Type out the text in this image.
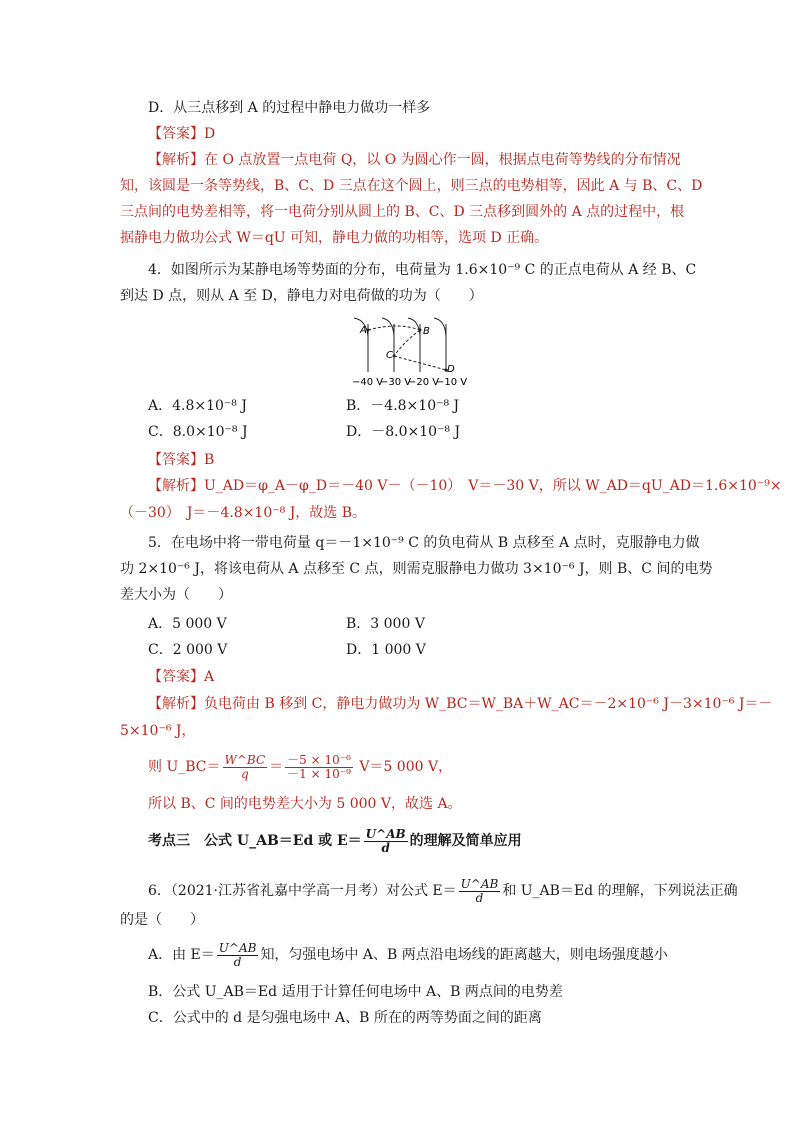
D．从三点移到 A 的过程中静电力做功一样多
【答案】D
【解析】在 O 点放置一点电荷 Q，以 O 为圆心作一圆，根据点电荷等势线的分布情况
知，该圆是一条等势线，B、C、D 三点在这个圆上，则三点的电势相等，因此 A 与 B、C、D
三点间的电势差相等，将一电荷分别从圆上的 B、C、D 三点移到圆外的 A 点的过程中，根
据静电力做功公式 W＝qU 可知，静电力做的功相等，选项 D 正确。
4．如图所示为某静电场等势面的分布，电荷量为 1.6×10⁻⁹ C 的正点电荷从 A 经 B、C
到达 D 点，则从 A 至 D，静电力对电荷做的功为（　　）
A	B
C
D
−40 V
−30 V
−20 V
−10 V
A．4.8×10⁻⁸ J	B．－4.8×10⁻⁸ J
C．8.0×10⁻⁸ J	D．－8.0×10⁻⁸ J
【答案】B
【解析】U_AD＝φ_A－φ_D＝－40 V－（－10）　V＝－30 V，所以 W_AD＝qU_AD＝1.6×10⁻⁹×
（－30）　J＝－4.8×10⁻⁸ J，故选 B。
5．在电场中将一带电荷量 q＝－1×10⁻⁹ C 的负电荷从 B 点移至 A 点时，克服静电力做
功 2×10⁻⁶ J，将该电荷从 A 点移至 C 点，则需克服静电力做功 3×10⁻⁶ J，则 B、C 间的电势
差大小为（　　）
A．5 000 V	B．3 000 V
C．2 000 V	D．1 000 V
【答案】A
【解析】负电荷由 B 移到 C，静电力做功为 W_BC＝W_BA＋W_AC＝－2×10⁻⁶ J－3×10⁻⁶ J＝－
5×10⁻⁶ J，
则 U_BC＝ $\frac{W\^{}BC}{q} = \frac{\text{－5 × 10⁻⁶}}{\text{－1 × 10⁻⁹}} V=5$ 000 V，
所以 B、C 间的电势差大小为 5 000 V，故选 A。
考点三　公式 U_AB＝Ed 或 $E= \frac{U\^{}AB}{d}$ 的理解及简单应用
6．（2021·江苏省礼嘉中学高一月考）对公式 $E= \frac{U\^{}AB}{d}$ 和 U_AB＝Ed 的理解，下列说法正确
的是（　　）
A．由 $E= \frac{U\^{}AB}{d}$ 知，匀强电场中 A、B 两点沿电场线的距离越大，则电场强度越小
B．公式 U_AB＝Ed 适用于计算任何电场中 A、B 两点间的电势差
C．公式中的 d 是匀强电场中 A、B 所在的两等势面之间的距离
